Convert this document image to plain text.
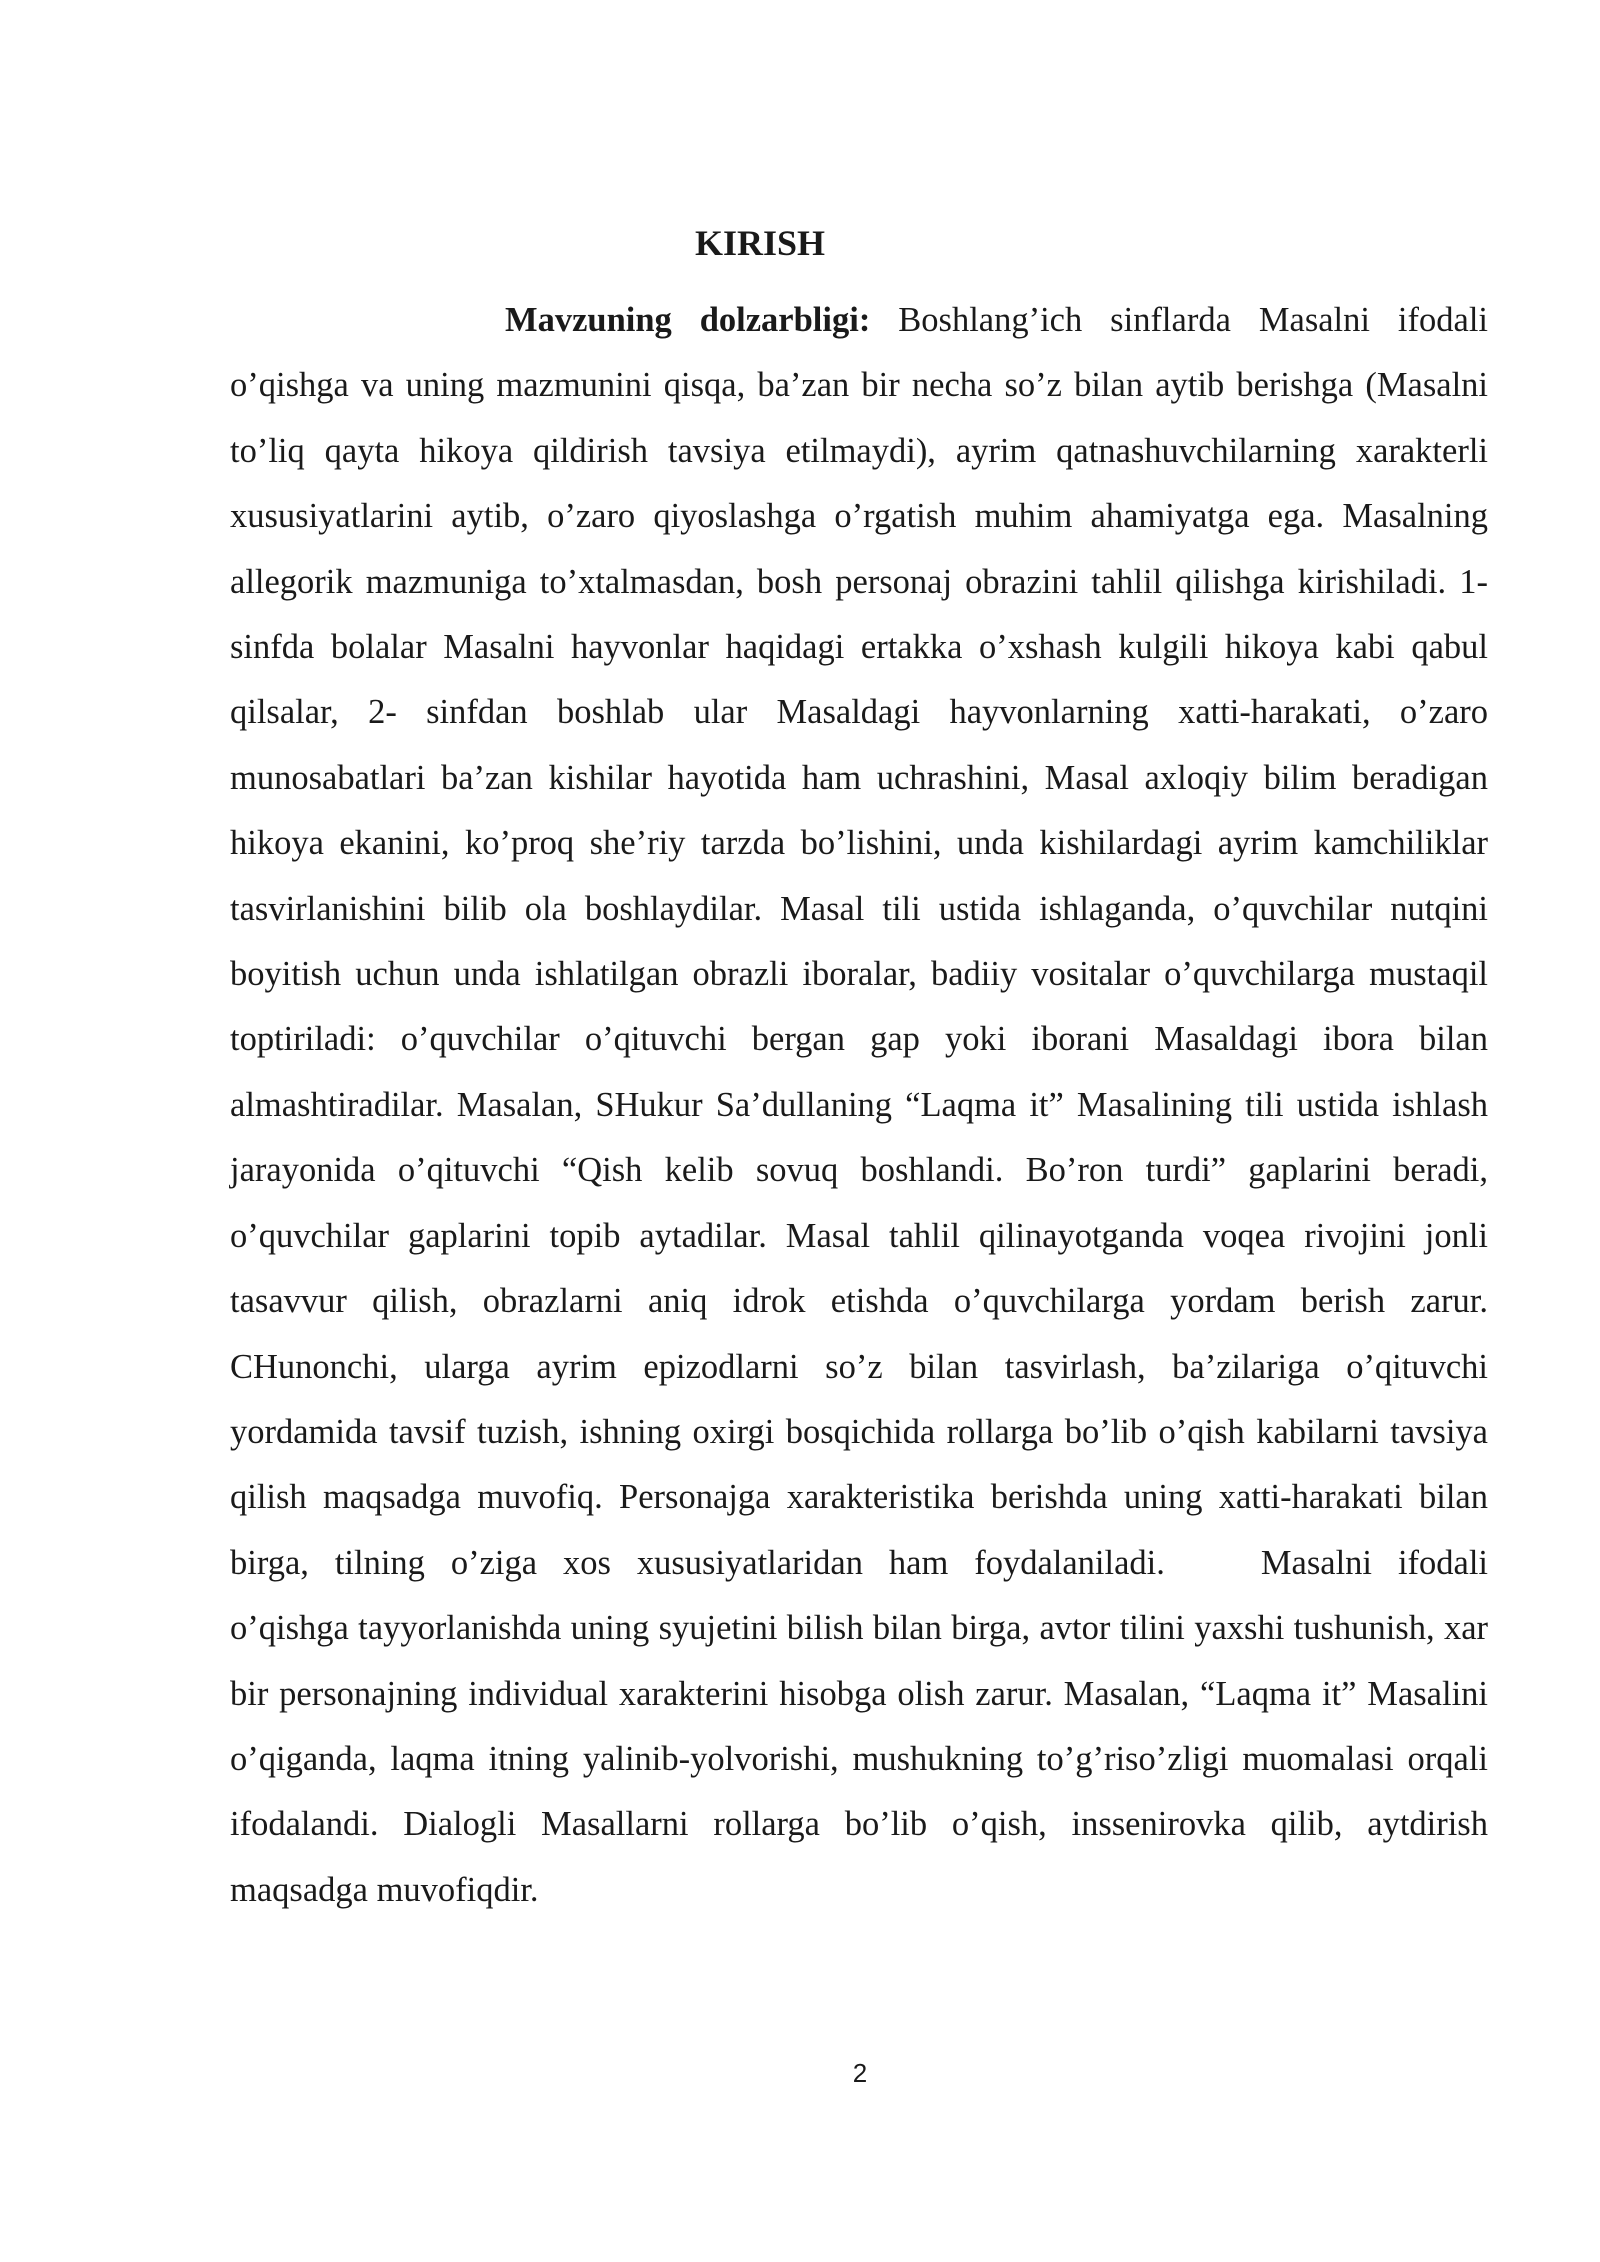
KIRISH

Mavzuning dolzarbligi: Boshlang’ich sinflarda Masalni ifodali o’qishga va uning mazmunini qisqa, ba’zan bir necha so’z bilan aytib berishga (Masalni to’liq qayta hikoya qildirish tavsiya etilmaydi), ayrim qatnashuvchilarning xarakterli xususiyatlarini aytib, o’zaro qiyoslashga o’rgatish muhim ahamiyatga ega. Masalning allegorik mazmuniga to’xtalmasdan, bosh personaj obrazini tahlil qilishga kirishiladi. 1- sinfda bolalar Masalni hayvonlar haqidagi ertakka o’xshash kulgili hikoya kabi qabul qilsalar, 2- sinfdan boshlab ular Masaldagi hayvonlarning xatti-harakati, o’zaro munosabatlari ba’zan kishilar hayotida ham uchrashini, Masal axloqiy bilim beradigan hikoya ekanini, ko’proq she’riy tarzda bo’lishini, unda kishilardagi ayrim kamchiliklar tasvirlanishini bilib ola boshlaydilar. Masal tili ustida ishlaganda, o’quvchilar nutqini boyitish uchun unda ishlatilgan obrazli iboralar, badiiy vositalar o’quvchilarga mustaqil toptiriladi: o’quvchilar o’qituvchi bergan gap yoki iborani Masaldagi ibora bilan almashtiradilar. Masalan, SHukur Sa’dullaning “Laqma it” Masalining tili ustida ishlash jarayonida o’qituvchi “Qish kelib sovuq boshlandi. Bo’ron turdi” gaplarini beradi, o’quvchilar gaplarini topib aytadilar. Masal tahlil qilinayotganda voqea rivojini jonli tasavvur qilish, obrazlarni aniq idrok etishda o’quvchilarga yordam berish zarur. CHunonchi, ularga ayrim epizodlarni so’z bilan tasvirlash, ba’zilariga o’qituvchi yordamida tavsif tuzish, ishning oxirgi bosqichida rollarga bo’lib o’qish kabilarni tavsiya qilish maqsadga muvofiq. Personajga xarakteristika berishda uning xatti-harakati bilan birga, tilning o’ziga xos xususiyatlaridan ham foydalaniladi.	Masalni ifodali o’qishga tayyorlanishda uning syujetini bilish bilan birga, avtor tilini yaxshi tushunish, xar bir personajning individual xarakterini hisobga olish zarur. Masalan, “Laqma it” Masalini o’qiganda, laqma itning yalinib-yolvorishi, mushukning to’g’riso’zligi muomalasi orqali ifodalandi. Dialogli Masallarni rollarga bo’lib o’qish, inssenirovka qilib, aytdirish maqsadga muvofiqdir.

2
